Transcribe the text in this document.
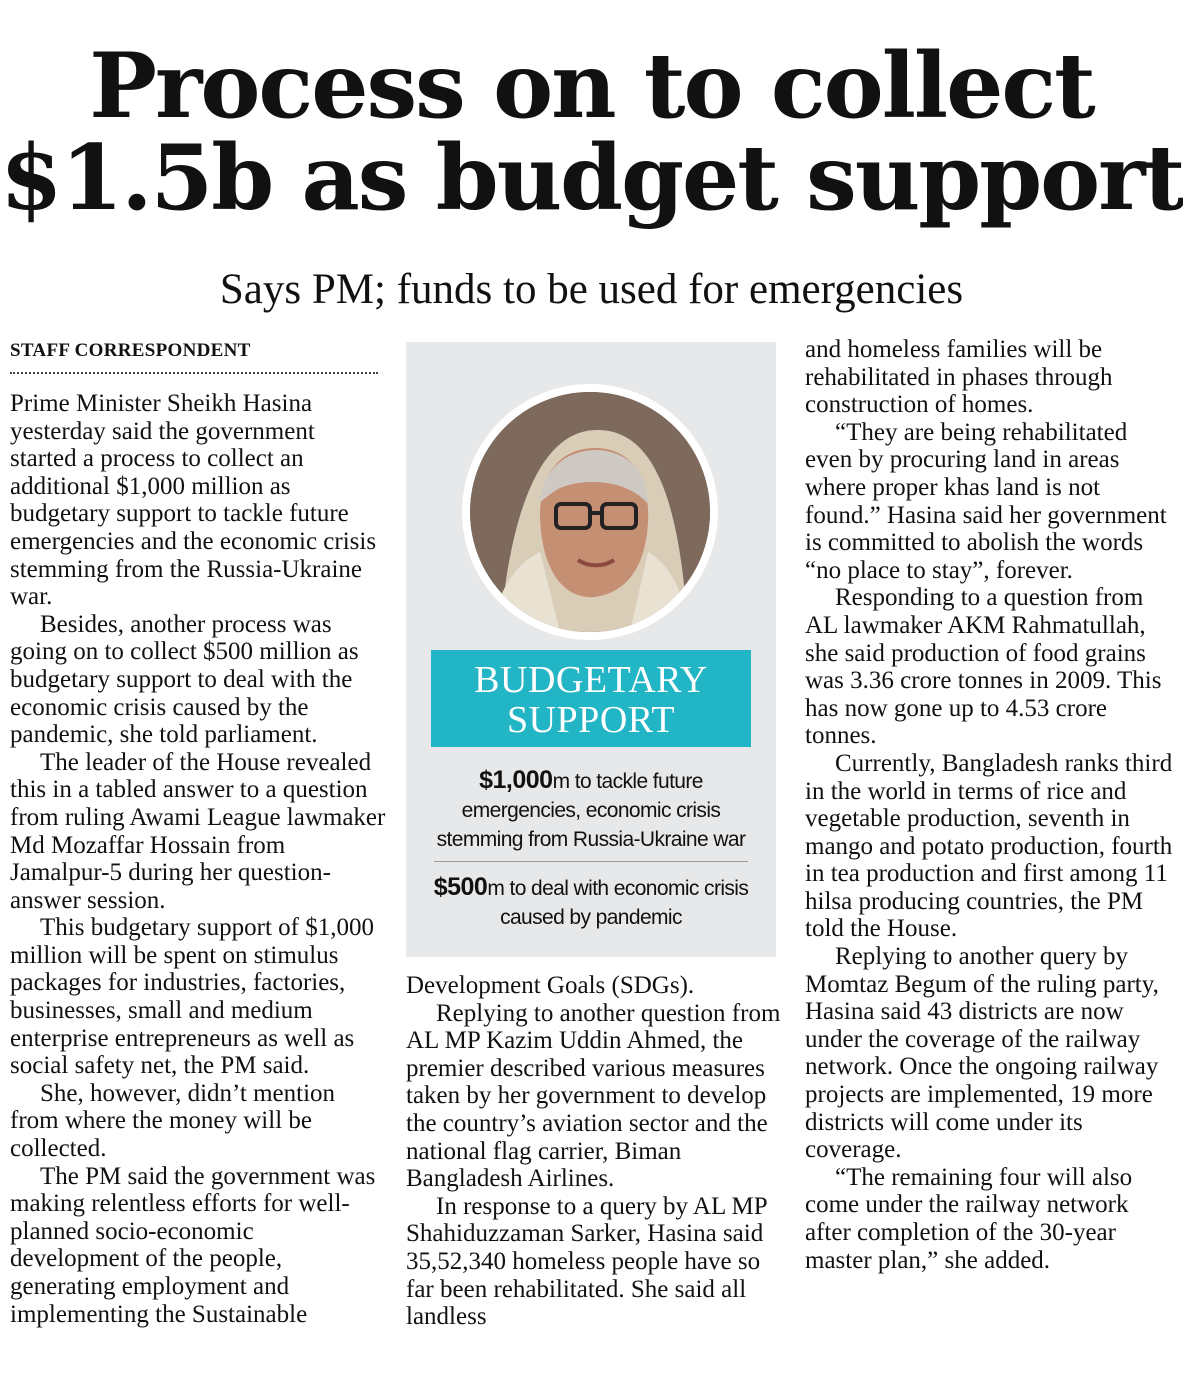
Process on to collect
$1.5b as budget support

Says PM; funds to be used for emergencies

STAFF CORRESPONDENT

Prime Minister Sheikh Hasina yesterday said the government started a process to collect an additional $1,000 million as budgetary support to tackle future emergencies and the economic crisis stemming from the Russia-Ukraine war.

Besides, another process was going on to collect $500 million as budgetary support to deal with the economic crisis caused by the pandemic, she told parliament.

The leader of the House revealed this in a tabled answer to a question from ruling Awami League lawmaker Md Mozaffar Hossain from Jamalpur-5 during her question-answer session.

This budgetary support of $1,000 million will be spent on stimulus packages for industries, factories, businesses, small and medium enterprise entrepreneurs as well as social safety net, the PM said.

She, however, didn’t mention from where the money will be collected.

The PM said the government was making relentless efforts for well-planned socio-economic development of the people, generating employment and implementing the Sustainable

BUDGETARY
SUPPORT
$1,000m to tackle future
emergencies, economic crisis
stemming from Russia-Ukraine war
$500m to deal with economic crisis
caused by pandemic

Development Goals (SDGs).

Replying to another question from AL MP Kazim Uddin Ahmed, the premier described various measures taken by her government to develop the country’s aviation sector and the national flag carrier, Biman Bangladesh Airlines.

In response to a query by AL MP Shahiduzzaman Sarker, Hasina said 35,52,340 homeless people have so far been rehabilitated. She said all landless

and homeless families will be rehabilitated in phases through construction of homes.

“They are being rehabilitated even by procuring land in areas where proper khas land is not found.” Hasina said her government is committed to abolish the words “no place to stay”, forever.

Responding to a question from AL lawmaker AKM Rahmatullah, she said production of food grains was 3.36 crore tonnes in 2009. This has now gone up to 4.53 crore tonnes.

Currently, Bangladesh ranks third in the world in terms of rice and vegetable production, seventh in mango and potato production, fourth in tea production and first among 11 hilsa producing countries, the PM told the House.

Replying to another query by Momtaz Begum of the ruling party, Hasina said 43 districts are now under the coverage of the railway network. Once the ongoing railway projects are implemented, 19 more districts will come under its coverage.

“The remaining four will also come under the railway network after completion of the 30-year master plan,” she added.
